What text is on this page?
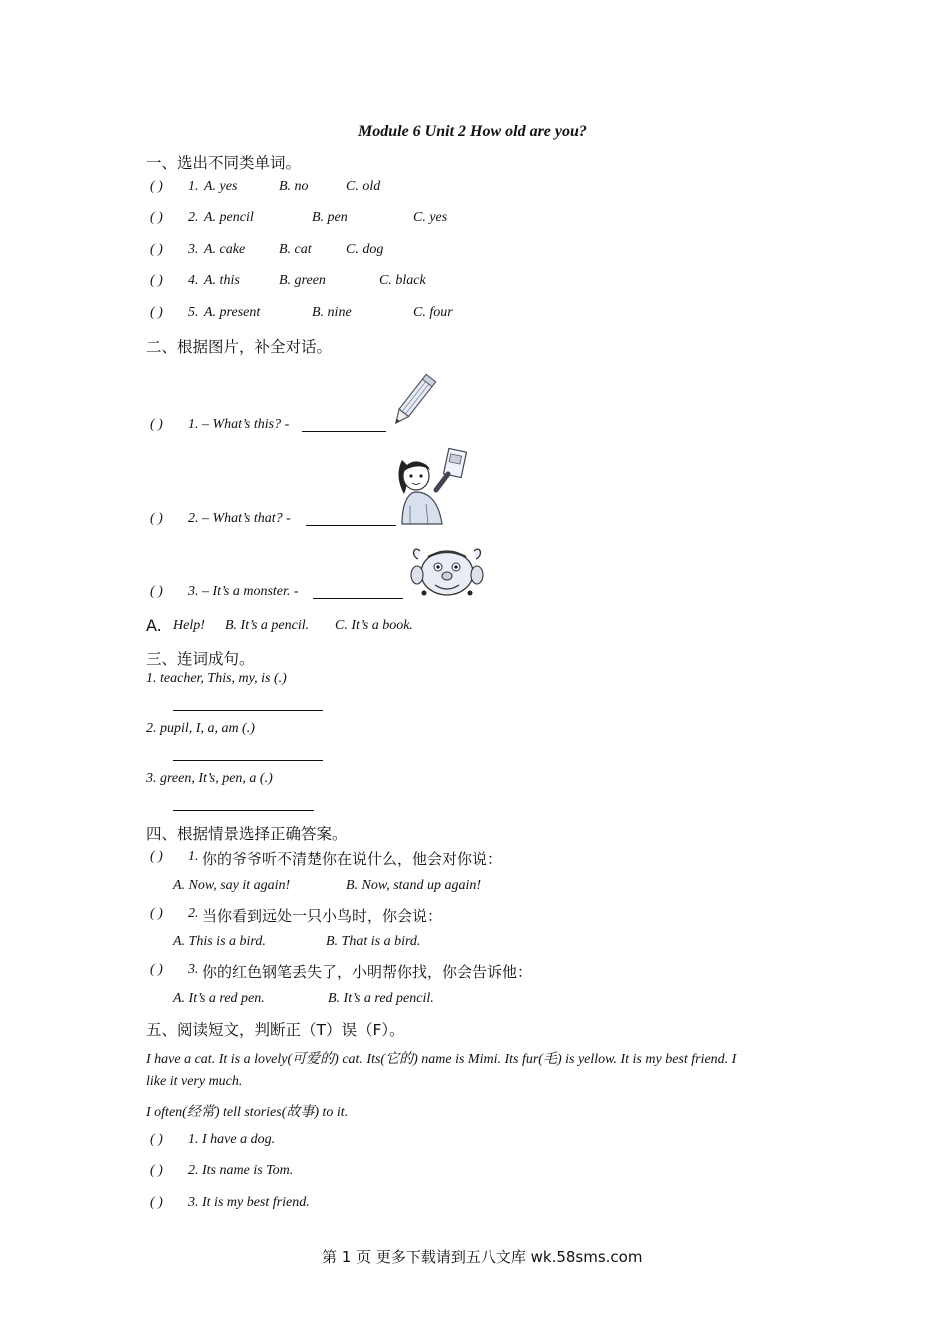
Module 6 Unit 2 How old are you?
一、选出不同类单词。
( ) 1. A. yes	B. no	C. old
( ) 2. A. pencil	B. pen	C. yes
( ) 3. A. cake B. cat C. dog
( ) 4. A. this	B. green	C. black
( ) 5. A. present	B. nine	C. four
二、根据图片，补全对话。
( ) 1. – What’s this? -
( ) 2. – What’s that? -
( ) 3. – It’s a monster. -
A. Help! B. It’s a pencil. C. It’s a book.
三、连词成句。
1. teacher, This, my, is (.)
2. pupil, I, a, am (.)
3. green, It’s, pen, a (.)
四、根据情景选择正确答案。
( ) 1. 你的爷爷听不清楚你在说什么，他会对你说：
A. Now, say it again!	B. Now, stand up again!
( ) 2. 当你看到远处一只小鸟时，你会说：
A. This is a bird.	B. That is a bird.
( ) 3. 你的红色钢笔丢失了，小明帮你找，你会告诉他：
A. It’s a red pen.	B. It’s a red pencil.
五、阅读短文，判断正（T）误（F）。
I have a cat. It is a lovely(可爱的) cat. Its(它的) name is Mimi. Its fur(毛) is yellow. It is my best friend. I
like it very much.
I often(经常) tell stories(故事) to it.
( ) 1. I have a dog.
( ) 2. Its name is Tom.
( ) 3. It is my best friend.
第 1 页 更多下载请到五八文库 wk.58sms.com
